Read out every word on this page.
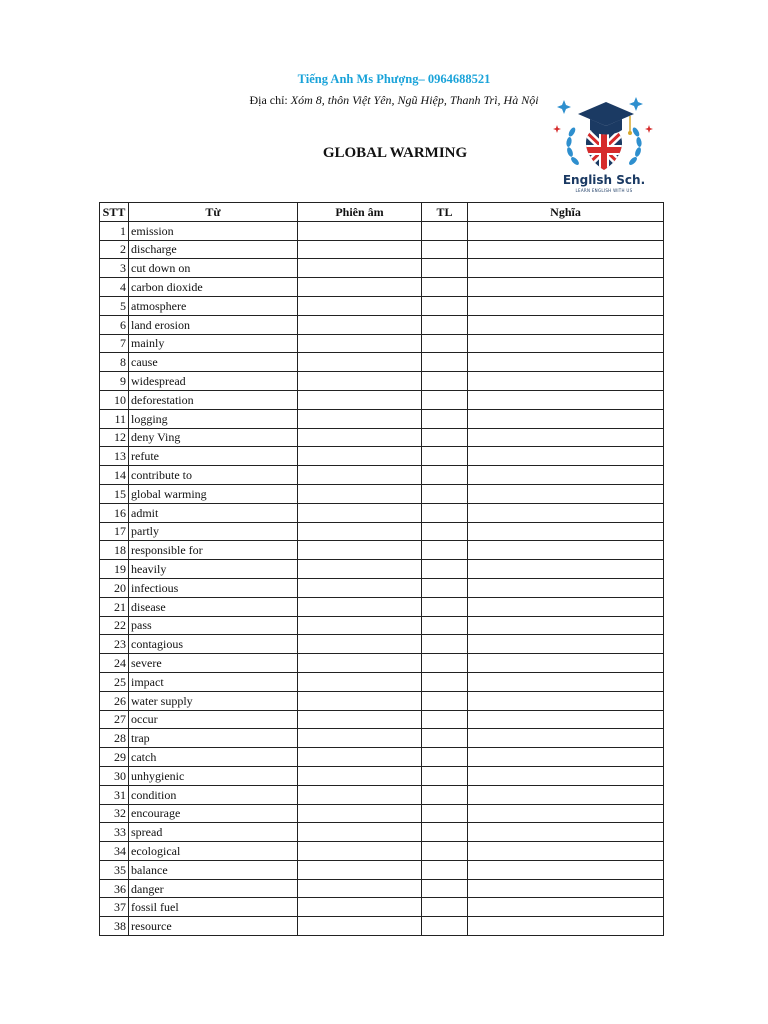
Tiếng Anh Ms Phượng– 0964688521
Địa chỉ: Xóm 8, thôn Việt Yên, Ngũ Hiệp, Thanh Trì, Hà Nội
GLOBAL WARMING
English Sch.
LEARN ENGLISH WITH US
STT	Từ	Phiên âm	TL	Nghĩa
1	emission			
2	discharge			
3	cut down on			
4	carbon dioxide			
5	atmosphere			
6	land erosion			
7	mainly			
8	cause			
9	widespread			
10	deforestation			
11	logging			
12	deny Ving			
13	refute			
14	contribute to			
15	global warming			
16	admit			
17	partly			
18	responsible for			
19	heavily			
20	infectious			
21	disease			
22	pass			
23	contagious			
24	severe			
25	impact			
26	water supply			
27	occur			
28	trap			
29	catch			
30	unhygienic			
31	condition			
32	encourage			
33	spread			
34	ecological			
35	balance			
36	danger			
37	fossil fuel			
38	resource			
